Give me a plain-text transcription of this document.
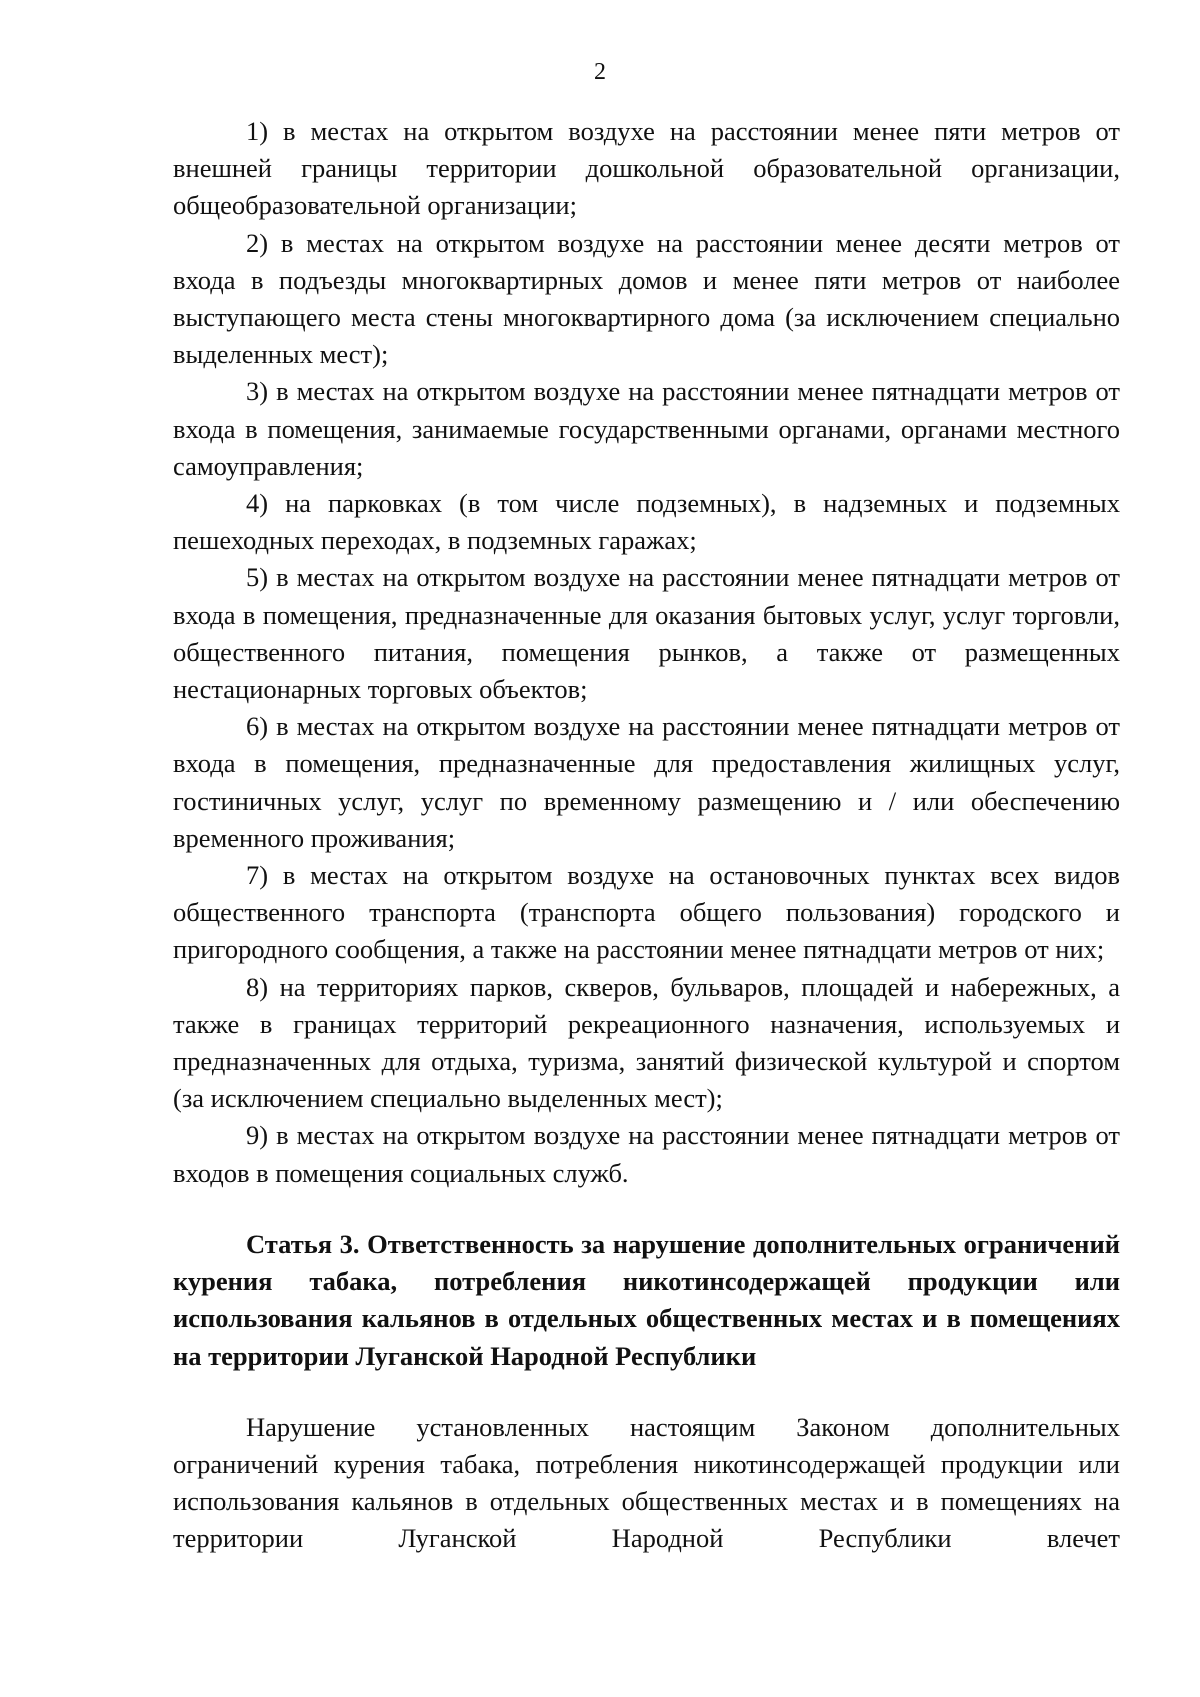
2

1) в местах на открытом воздухе на расстоянии менее пяти метров от внешней границы территории дошкольной образовательной организации, общеобразовательной организации;

2) в местах на открытом воздухе на расстоянии менее десяти метров от входа в подъезды многоквартирных домов и менее пяти метров от наиболее выступающего места стены многоквартирного дома (за исключением специально выделенных мест);

3) в местах на открытом воздухе на расстоянии менее пятнадцати метров от входа в помещения, занимаемые государственными органами, органами местного самоуправления;

4) на парковках (в том числе подземных), в надземных и подземных пешеходных переходах, в подземных гаражах;

5) в местах на открытом воздухе на расстоянии менее пятнадцати метров от входа в помещения, предназначенные для оказания бытовых услуг, услуг торговли, общественного питания, помещения рынков, а также от размещенных нестационарных торговых объектов;

6) в местах на открытом воздухе на расстоянии менее пятнадцати метров от входа в помещения, предназначенные для предоставления жилищных услуг, гостиничных услуг, услуг по временному размещению и / или обеспечению временного проживания;

7) в местах на открытом воздухе на остановочных пунктах всех видов общественного транспорта (транспорта общего пользования) городского и пригородного сообщения, а также на расстоянии менее пятнадцати метров от них;

8) на территориях парков, скверов, бульваров, площадей и набережных, а также в границах территорий рекреационного назначения, используемых и предназначенных для отдыха, туризма, занятий физической культурой и спортом (за исключением специально выделенных мест);

9) в местах на открытом воздухе на расстоянии менее пятнадцати метров от входов в помещения социальных служб.

Статья 3. Ответственность за нарушение дополнительных ограничений курения табака, потребления никотинсодержащей продукции или использования кальянов в отдельных общественных местах и в помещениях на территории Луганской Народной Республики

Нарушение установленных настоящим Законом дополнительных ограничений курения табака, потребления никотинсодержащей продукции или использования кальянов в отдельных общественных местах и в помещениях на территории Луганской Народной Республики влечет
